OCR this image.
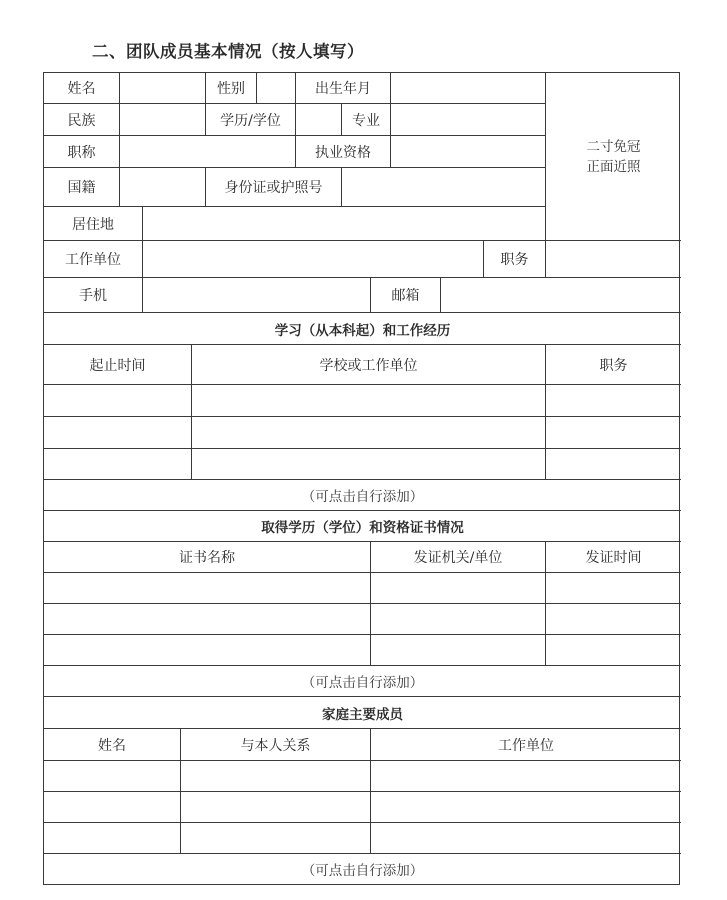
二、团队成员基本情况（按人填写）
姓名	性别	出生年月
二寸免冠
正面近照
民族	学历/学位	专业
职称	执业资格
国籍	身份证或护照号
居住地
工作单位	职务
手机	邮箱
学习（从本科起）和工作经历
起止时间	学校或工作单位	职务
（可点击自行添加）
取得学历（学位）和资格证书情况
证书名称	发证机关/单位	发证时间
（可点击自行添加）
家庭主要成员
姓名	与本人关系	工作单位
（可点击自行添加）
